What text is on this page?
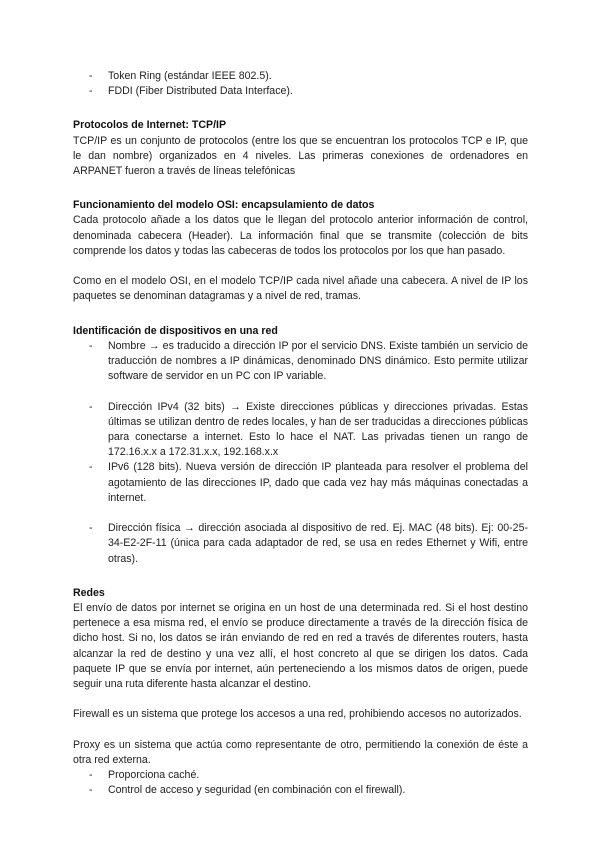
- Token Ring (estándar IEEE 802.5).
- FDDI (Fiber Distributed Data Interface).

Protocolos de Internet: TCP/IP

TCP/IP es un conjunto de protocolos (entre los que se encuentran los protocolos TCP e IP, que le dan nombre) organizados en 4 niveles. Las primeras conexiones de ordenadores en ARPANET fueron a través de líneas telefónicas

Funcionamiento del modelo OSI: encapsulamiento de datos

Cada protocolo añade a los datos que le llegan del protocolo anterior información de control, denominada cabecera (Header). La información final que se transmite (colección de bits comprende los datos y todas las cabeceras de todos los protocolos por los que han pasado.

Como en el modelo OSI, en el modelo TCP/IP cada nivel añade una cabecera. A nivel de IP los paquetes se denominan datagramas y a nivel de red, tramas.

Identificación de dispositivos en una red

- Nombre → es traducido a dirección IP por el servicio DNS. Existe también un servicio de traducción de nombres a IP dinámicas, denominado DNS dinámico. Esto permite utilizar software de servidor en un PC con IP variable.
- Dirección IPv4 (32 bits) → Existe direcciones públicas y direcciones privadas. Estas últimas se utilizan dentro de redes locales, y han de ser traducidas a direcciones públicas para conectarse a internet. Esto lo hace el NAT. Las privadas tienen un rango de 172.16.x.x a 172.31.x.x, 192.168.x.x
- IPv6 (128 bits). Nueva versión de dirección IP planteada para resolver el problema del agotamiento de las direcciones IP, dado que cada vez hay más máquinas conectadas a internet.
- Dirección física → dirección asociada al dispositivo de red. Ej. MAC (48 bits). Ej: 00-25-34-E2-2F-11 (única para cada adaptador de red, se usa en redes Ethernet y Wifi, entre otras).

Redes

El envío de datos por internet se origina en un host de una determinada red. Si el host destino pertenece a esa misma red, el envío se produce directamente a través de la dirección física de dicho host. Si no, los datos se irán enviando de red en red a través de diferentes routers, hasta alcanzar la red de destino y una vez allí, el host concreto al que se dirigen los datos. Cada paquete IP que se envía por internet, aún perteneciendo a los mismos datos de origen, puede seguir una ruta diferente hasta alcanzar el destino.

Firewall es un sistema que protege los accesos a una red, prohibiendo accesos no autorizados.

Proxy es un sistema que actúa como representante de otro, permitiendo la conexión de éste a otra red externa.

- Proporciona caché.
- Control de acceso y seguridad (en combinación con el firewall).
